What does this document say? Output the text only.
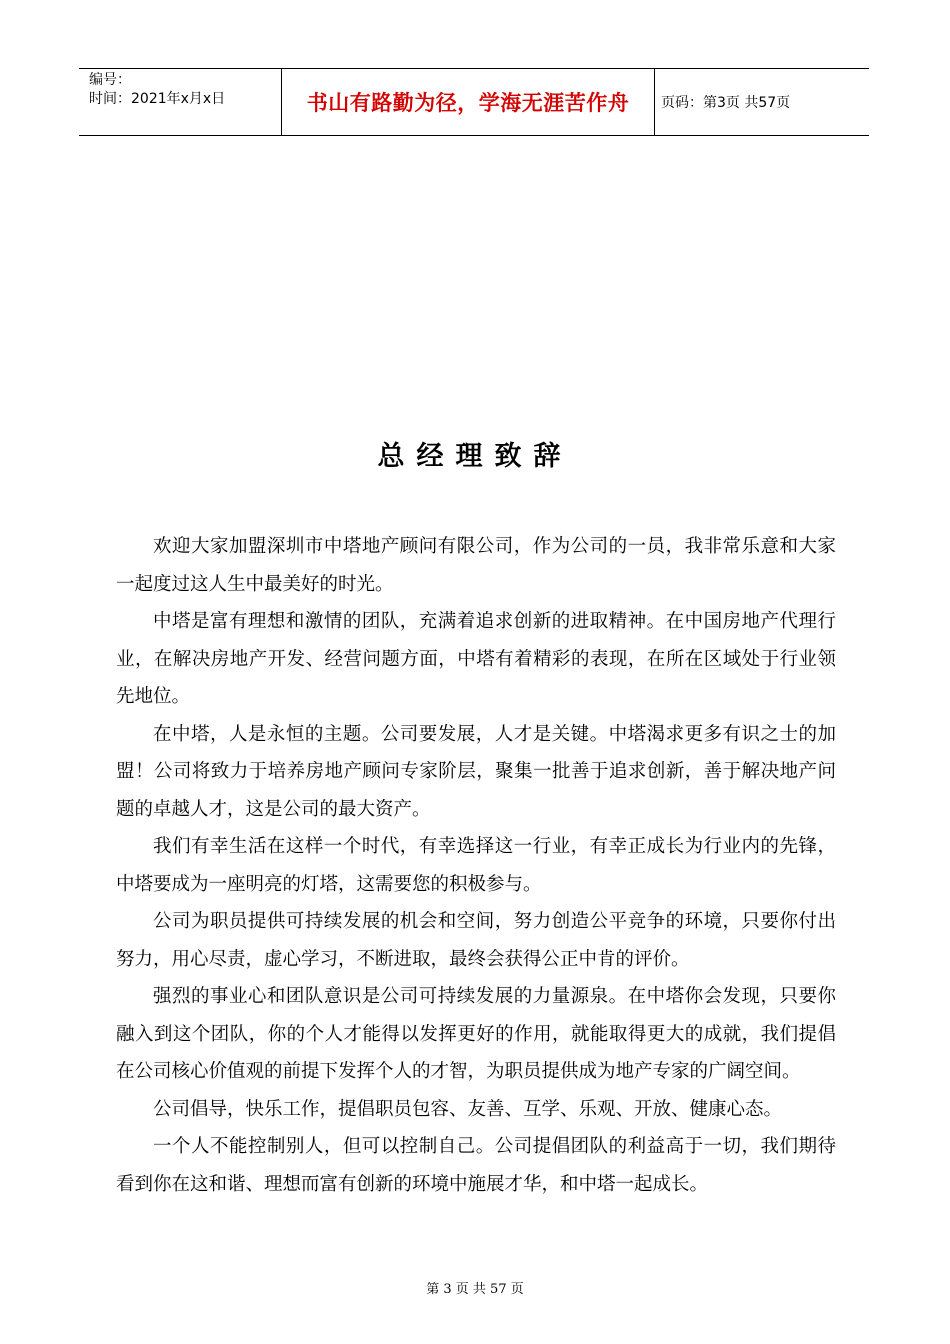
编号：
时间：2021年x月x日	书山有路勤为径，学海无涯苦作舟 页码：第3页 共57页
总经理致辞

欢迎大家加盟深圳市中塔地产顾问有限公司，作为公司的一员，我非常乐意和大家一起度过这人生中最美好的时光。

中塔是富有理想和激情的团队，充满着追求创新的进取精神。在中国房地产代理行业，在解决房地产开发、经营问题方面，中塔有着精彩的表现，在所在区域处于行业领先地位。

在中塔，人是永恒的主题。公司要发展，人才是关键。中塔渴求更多有识之士的加盟！公司将致力于培养房地产顾问专家阶层，聚集一批善于追求创新，善于解决地产问题的卓越人才，这是公司的最大资产。

我们有幸生活在这样一个时代，有幸选择这一行业，有幸正成长为行业内的先锋，中塔要成为一座明亮的灯塔，这需要您的积极参与。

公司为职员提供可持续发展的机会和空间，努力创造公平竞争的环境，只要你付出努力，用心尽责，虚心学习，不断进取，最终会获得公正中肯的评价。

强烈的事业心和团队意识是公司可持续发展的力量源泉。在中塔你会发现，只要你融入到这个团队，你的个人才能得以发挥更好的作用，就能取得更大的成就，我们提倡在公司核心价值观的前提下发挥个人的才智，为职员提供成为地产专家的广阔空间。

公司倡导，快乐工作，提倡职员包容、友善、互学、乐观、开放、健康心态。

一个人不能控制别人，但可以控制自己。公司提倡团队的利益高于一切，我们期待看到你在这和谐、理想而富有创新的环境中施展才华，和中塔一起成长。

第 3 页 共 57 页
